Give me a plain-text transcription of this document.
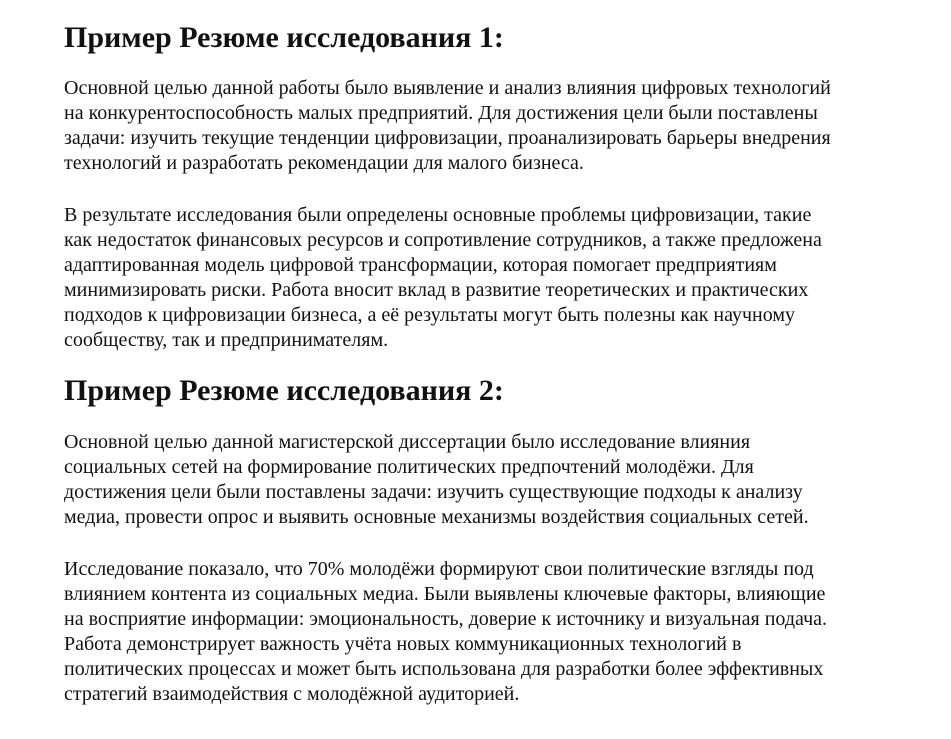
Пример Резюме исследования 1:
Основной целью данной работы было выявление и анализ влияния цифровых технологий
на конкурентоспособность малых предприятий. Для достижения цели были поставлены
задачи: изучить текущие тенденции цифровизации, проанализировать барьеры внедрения
технологий и разработать рекомендации для малого бизнеса.
В результате исследования были определены основные проблемы цифровизации, такие
как недостаток финансовых ресурсов и сопротивление сотрудников, а также предложена
адаптированная модель цифровой трансформации, которая помогает предприятиям
минимизировать риски. Работа вносит вклад в развитие теоретических и практических
подходов к цифровизации бизнеса, а её результаты могут быть полезны как научному
сообществу, так и предпринимателям.
Пример Резюме исследования 2:
Основной целью данной магистерской диссертации было исследование влияния
социальных сетей на формирование политических предпочтений молодёжи. Для
достижения цели были поставлены задачи: изучить существующие подходы к анализу
медиа, провести опрос и выявить основные механизмы воздействия социальных сетей.
Исследование показало, что 70% молодёжи формируют свои политические взгляды под
влиянием контента из социальных медиа. Были выявлены ключевые факторы, влияющие
на восприятие информации: эмоциональность, доверие к источнику и визуальная подача.
Работа демонстрирует важность учёта новых коммуникационных технологий в
политических процессах и может быть использована для разработки более эффективных
стратегий взаимодействия с молодёжной аудиторией.
